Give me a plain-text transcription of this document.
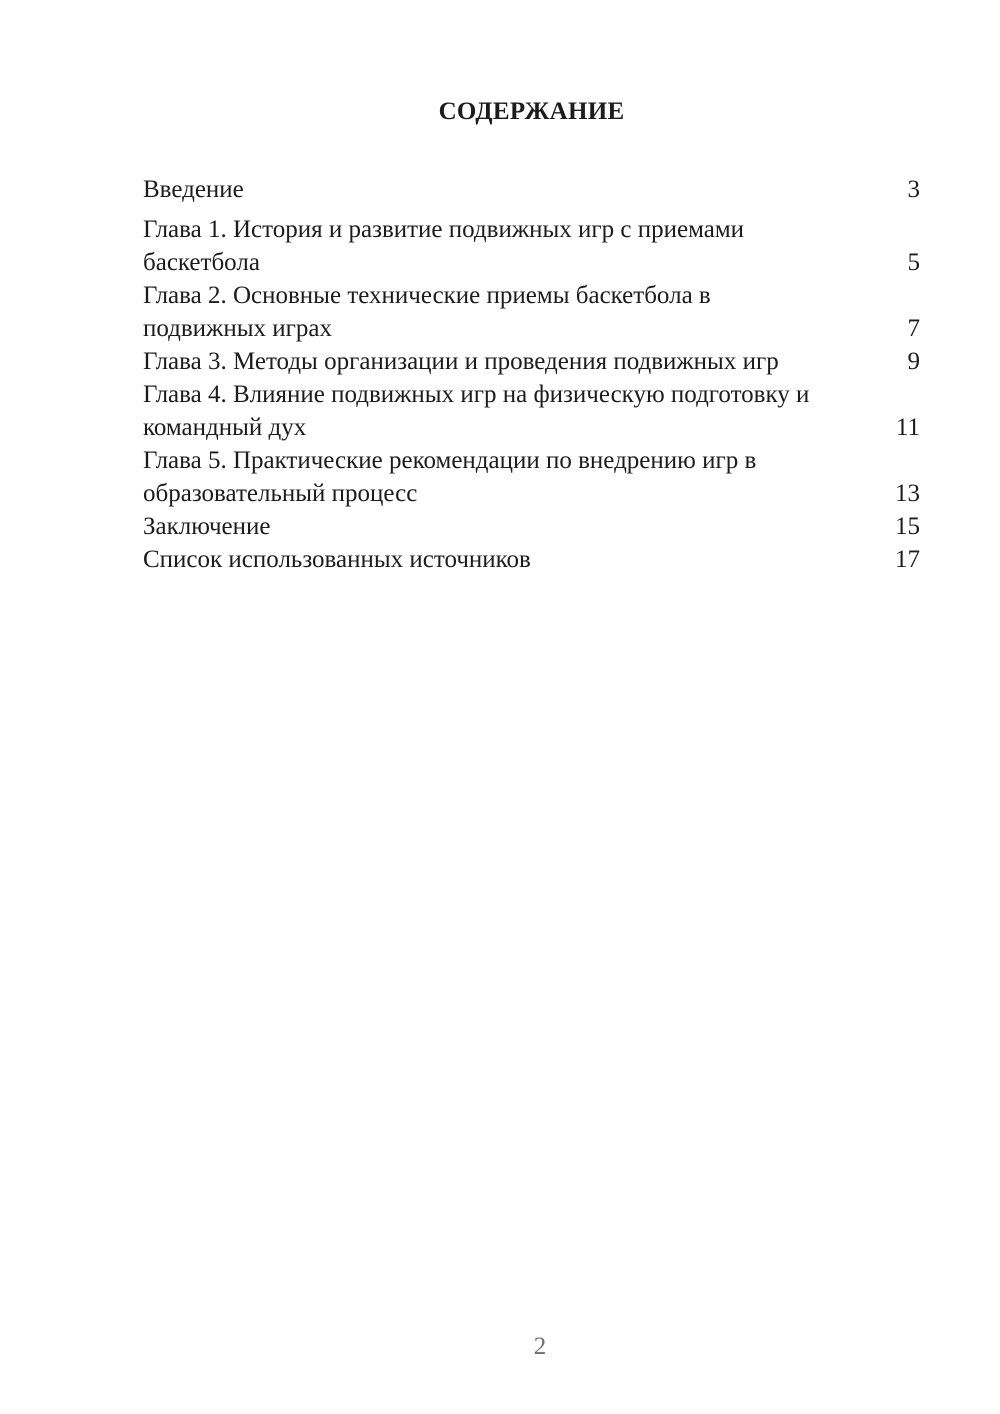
СОДЕРЖАНИЕ
Введение	3
Глава 1. История и развитие подвижных игр с приемами баскетбола	5
Глава 2. Основные технические приемы баскетбола в подвижных играх	7
Глава 3. Методы организации и проведения подвижных игр	9
Глава 4. Влияние подвижных игр на физическую подготовку и командный дух	11
Глава 5. Практические рекомендации по внедрению игр в образовательный процесс	13
Заключение	15
Список использованных источников	17
2
